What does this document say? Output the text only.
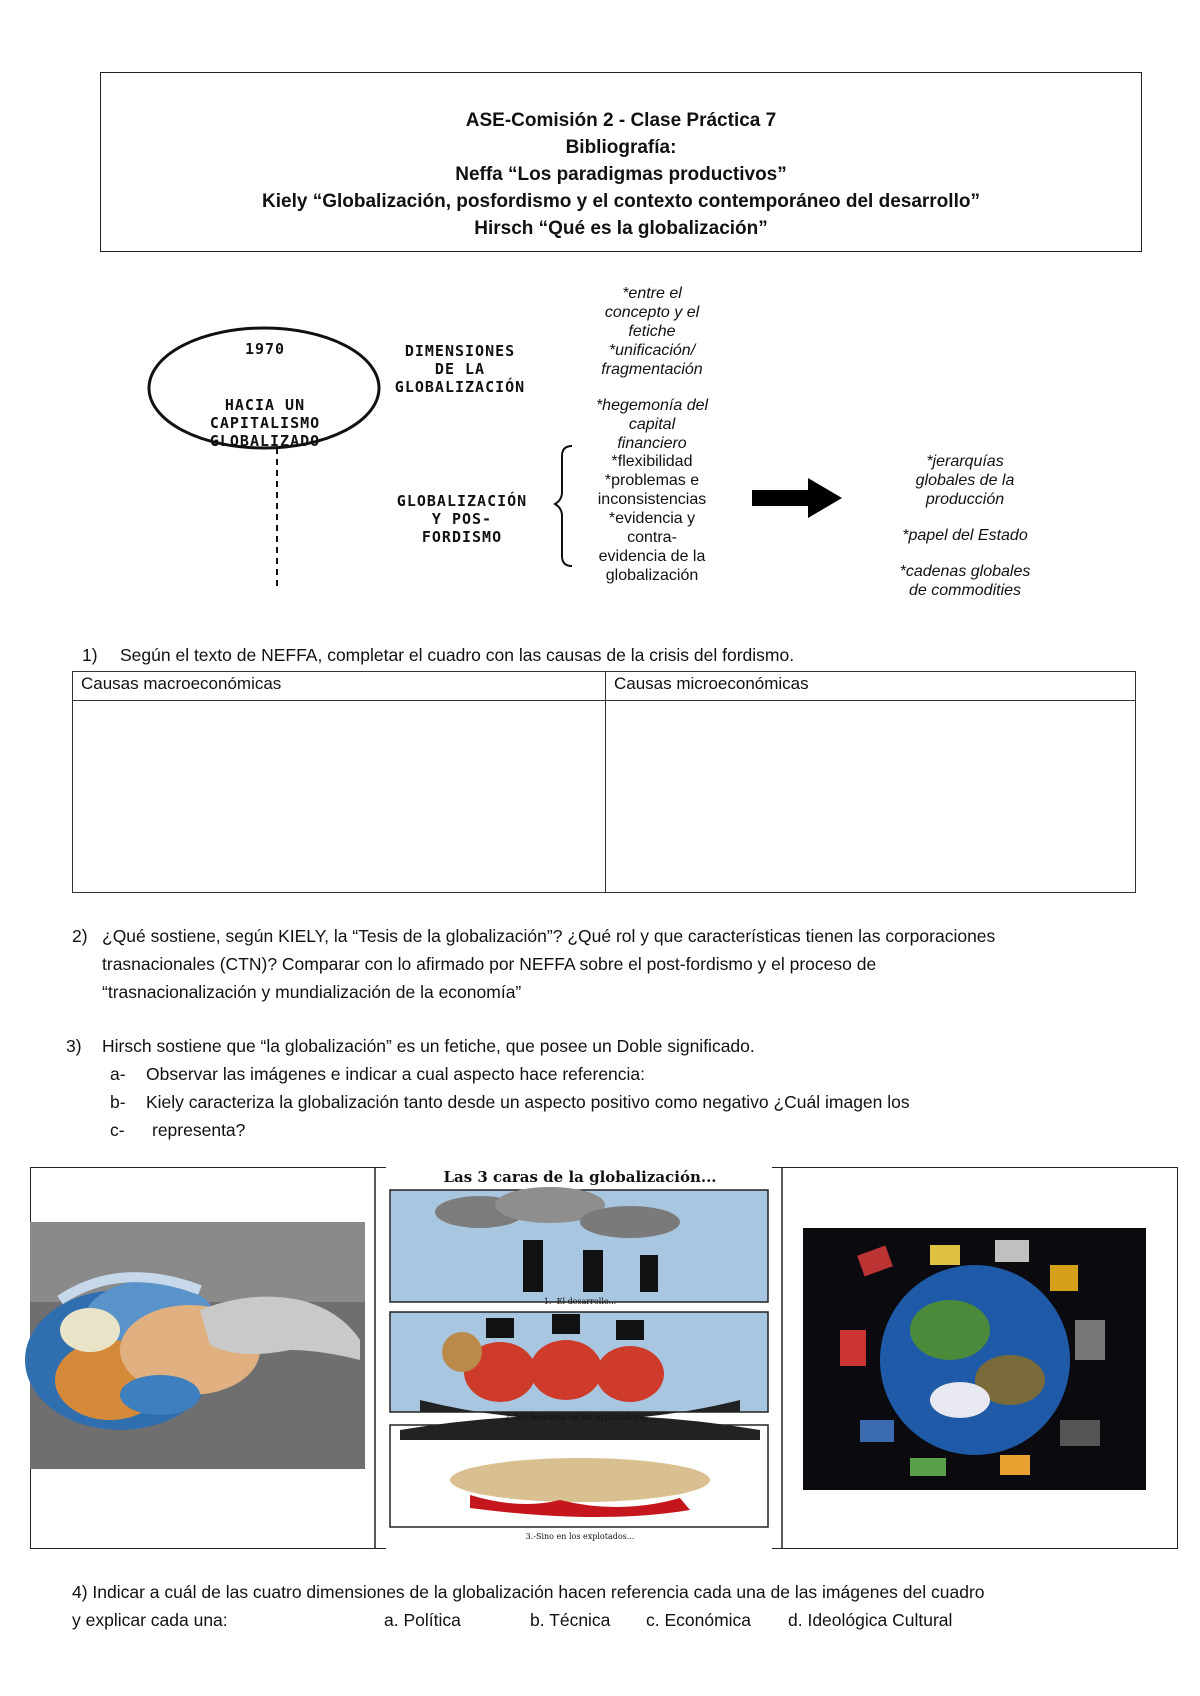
ASE-Comisión 2 - Clase Práctica 7
Bibliografía:
Neffa “Los paradigmas productivos”
Kiely “Globalización, posfordismo y el contexto contemporáneo del desarrollo”
Hirsch “Qué es la globalización”
1970
HACIA UN
CAPITALISMO
GLOBALIZADO
DIMENSIONES
DE LA
GLOBALIZACIÓN
GLOBALIZACIÓN
Y POS-
FORDISMO
*entre el
concepto y el
fetiche
*unificación/
fragmentación
*hegemonía del
capital
financiero
*flexibilidad
*problemas e
inconsistencias
*evidencia y
contra-
evidencia de la
globalización
*jerarquías
globales de la
producción
*papel del Estado
*cadenas globales
de commodities
1) Según el texto de NEFFA, completar el cuadro con las causas de la crisis del fordismo.
Causas macroeconómicas	Causas microeconómicas

2) ¿Qué sostiene, según KIELY, la “Tesis de la globalización”? ¿Qué rol y que características tienen las corporaciones
trasnacionales (CTN)? Comparar con lo afirmado por NEFFA sobre el post-fordismo y el proceso de
“trasnacionalización y mundialización de la economía”
3) Hirsch sostiene que “la globalización” es un fetiche, que posee un Doble significado.
a- Observar las imágenes e indicar a cual aspecto hace referencia:
b- Kiely caracteriza la globalización tanto desde un aspecto positivo como negativo ¿Cuál imagen los
c- representa?
Las 3 caras de la globalización...
1.- El desarrollo...
2.-No descansa en los explotadores...
3.-Sino en los explotados...
4) Indicar a cuál de las cuatro dimensiones de la globalización hacen referencia cada una de las imágenes del cuadro
y explicar cada una:	a. Política	b. Técnica c. Económica d. Ideológica Cultural
